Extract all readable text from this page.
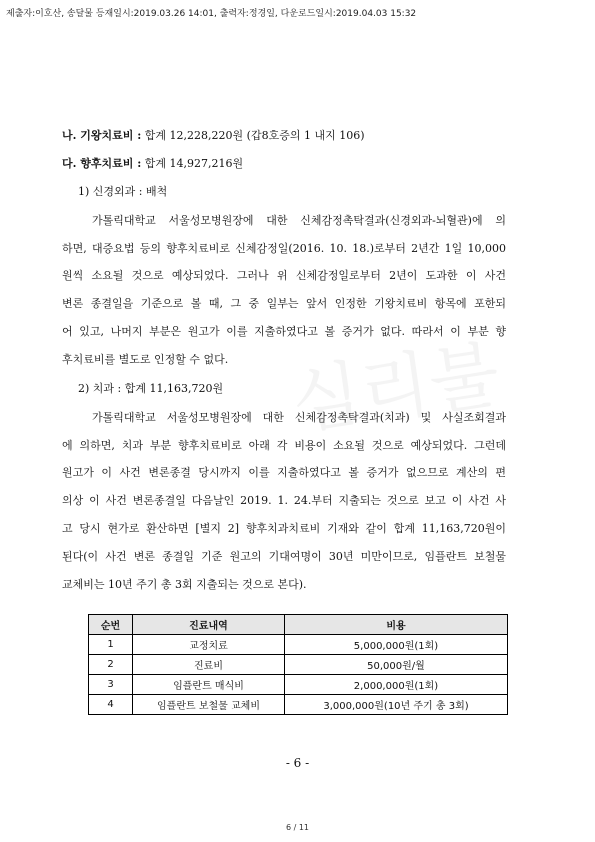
제출자:이호산, 송달물 등재일시:2019.03.26 14:01, 출력자:정경일, 다운로드일시:2019.04.03 15:32
나. 기왕치료비 : 합계 12,228,220원 (갑8호증의 1 내지 106)
다. 향후치료비 : 합계 14,927,216원
1) 신경외과 : 배척
가톨릭대학교 서울성모병원장에 대한 신체감정촉탁결과(신경외과-뇌혈관)에 의
하면, 대증요법 등의 향후치료비로 신체감정일(2016. 10. 18.)로부터 2년간 1일 10,000
원씩 소요될 것으로 예상되었다. 그러나 위 신체감정일로부터 2년이 도과한 이 사건
변론 종결일을 기준으로 볼 때, 그 중 일부는 앞서 인정한 기왕치료비 항목에 포한되
어 있고, 나머지 부분은 원고가 이를 지출하였다고 볼 증거가 없다. 따라서 이 부분 향
후치료비를 별도로 인정할 수 없다.
2) 치과 : 합계 11,163,720원
가톨릭대학교 서울성모병원장에 대한 신체감정촉탁결과(치과) 및 사실조회결과
에 의하면, 치과 부분 향후치료비로 아래 각 비용이 소요될 것으로 예상되었다. 그런데
원고가 이 사건 변론종결 당시까지 이를 지출하였다고 볼 증거가 없으므로 계산의 편
의상 이 사건 변론종결일 다음날인 2019. 1. 24.부터 지출되는 것으로 보고 이 사건 사
고 당시 현가로 환산하면 [별지 2] 향후치과치료비 기재와 같이 합계 11,163,720원이
된다(이 사건 변론 종결일 기준 원고의 기대여명이 30년 미만이므로, 임플란트 보철물
교체비는 10년 주기 총 3회 지출되는 것으로 본다).
순번	진료내역	비용
1	교정치료	5,000,000원(1회)
2	진료비	50,000원/월
3	임플란트 매식비	2,000,000원(1회)
4	임플란트 보철물 교체비	3,000,000원(10년 주기 총 3회)
- 6 -
6 / 11
